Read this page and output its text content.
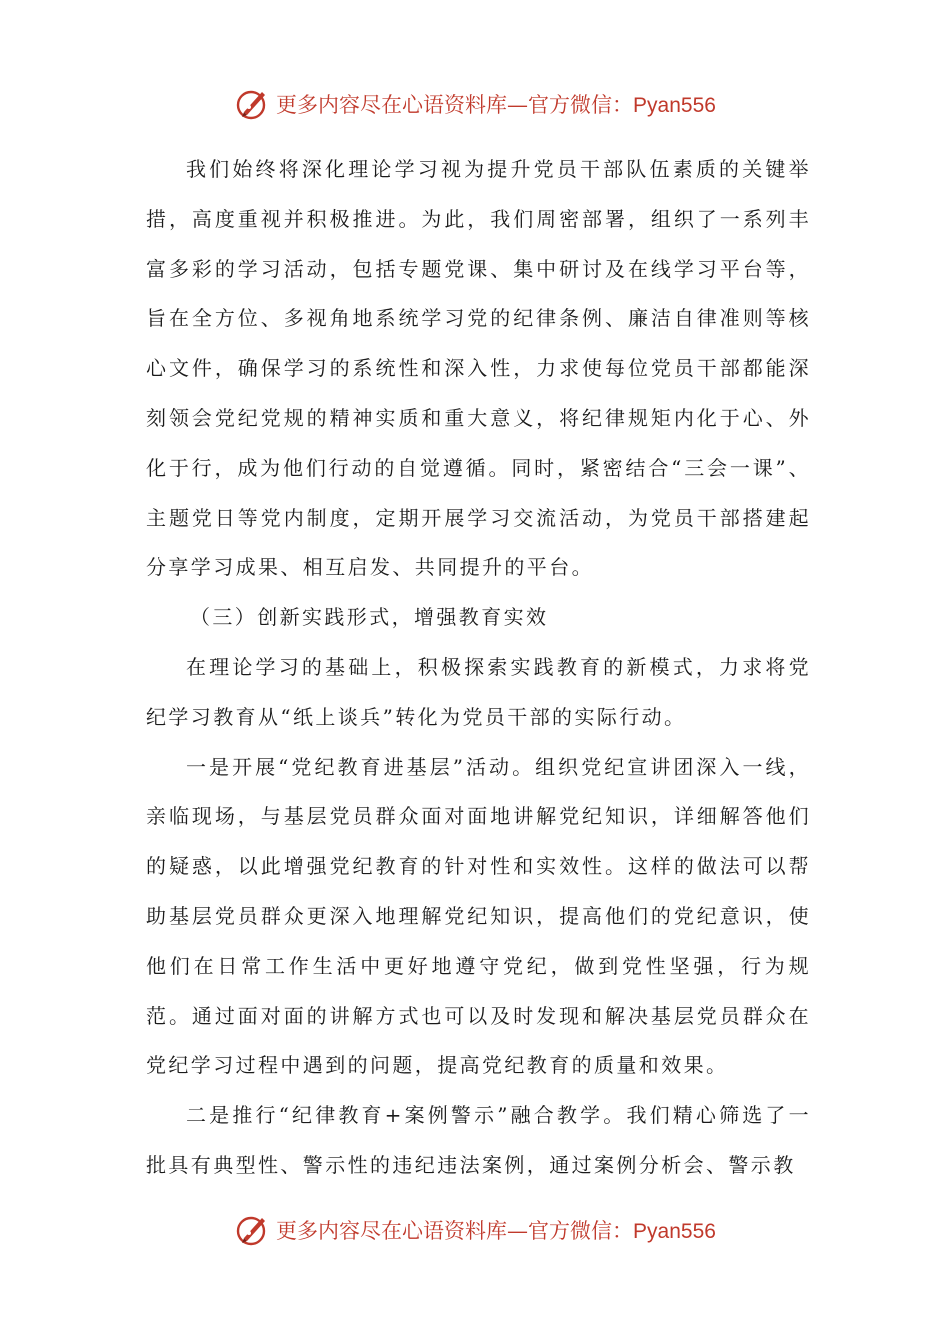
更多内容尽在心语资料库—官方微信：Pyan556

我们始终将深化理论学习视为提升党员干部队伍素质的关键举措，高度重视并积极推进。为此，我们周密部署，组织了一系列丰富多彩的学习活动，包括专题党课、集中研讨及在线学习平台等，旨在全方位、多视角地系统学习党的纪律条例、廉洁自律准则等核心文件，确保学习的系统性和深入性，力求使每位党员干部都能深刻领会党纪党规的精神实质和重大意义，将纪律规矩内化于心、外化于行，成为他们行动的自觉遵循。同时，紧密结合“三会一课”、主题党日等党内制度，定期开展学习交流活动，为党员干部搭建起分享学习成果、相互启发、共同提升的平台。

（三）创新实践形式，增强教育实效

在理论学习的基础上，积极探索实践教育的新模式，力求将党纪学习教育从“纸上谈兵”转化为党员干部的实际行动。

一是开展“党纪教育进基层”活动。组织党纪宣讲团深入一线，亲临现场，与基层党员群众面对面地讲解党纪知识，详细解答他们的疑惑，以此增强党纪教育的针对性和实效性。这样的做法可以帮助基层党员群众更深入地理解党纪知识，提高他们的党纪意识，使他们在日常工作生活中更好地遵守党纪，做到党性坚强，行为规范。通过面对面的讲解方式也可以及时发现和解决基层党员群众在党纪学习过程中遇到的问题，提高党纪教育的质量和效果。

二是推行“纪律教育+案例警示”融合教学。我们精心筛选了一批具有典型性、警示性的违纪违法案例，通过案例分析会、警示教

更多内容尽在心语资料库—官方微信：Pyan556
